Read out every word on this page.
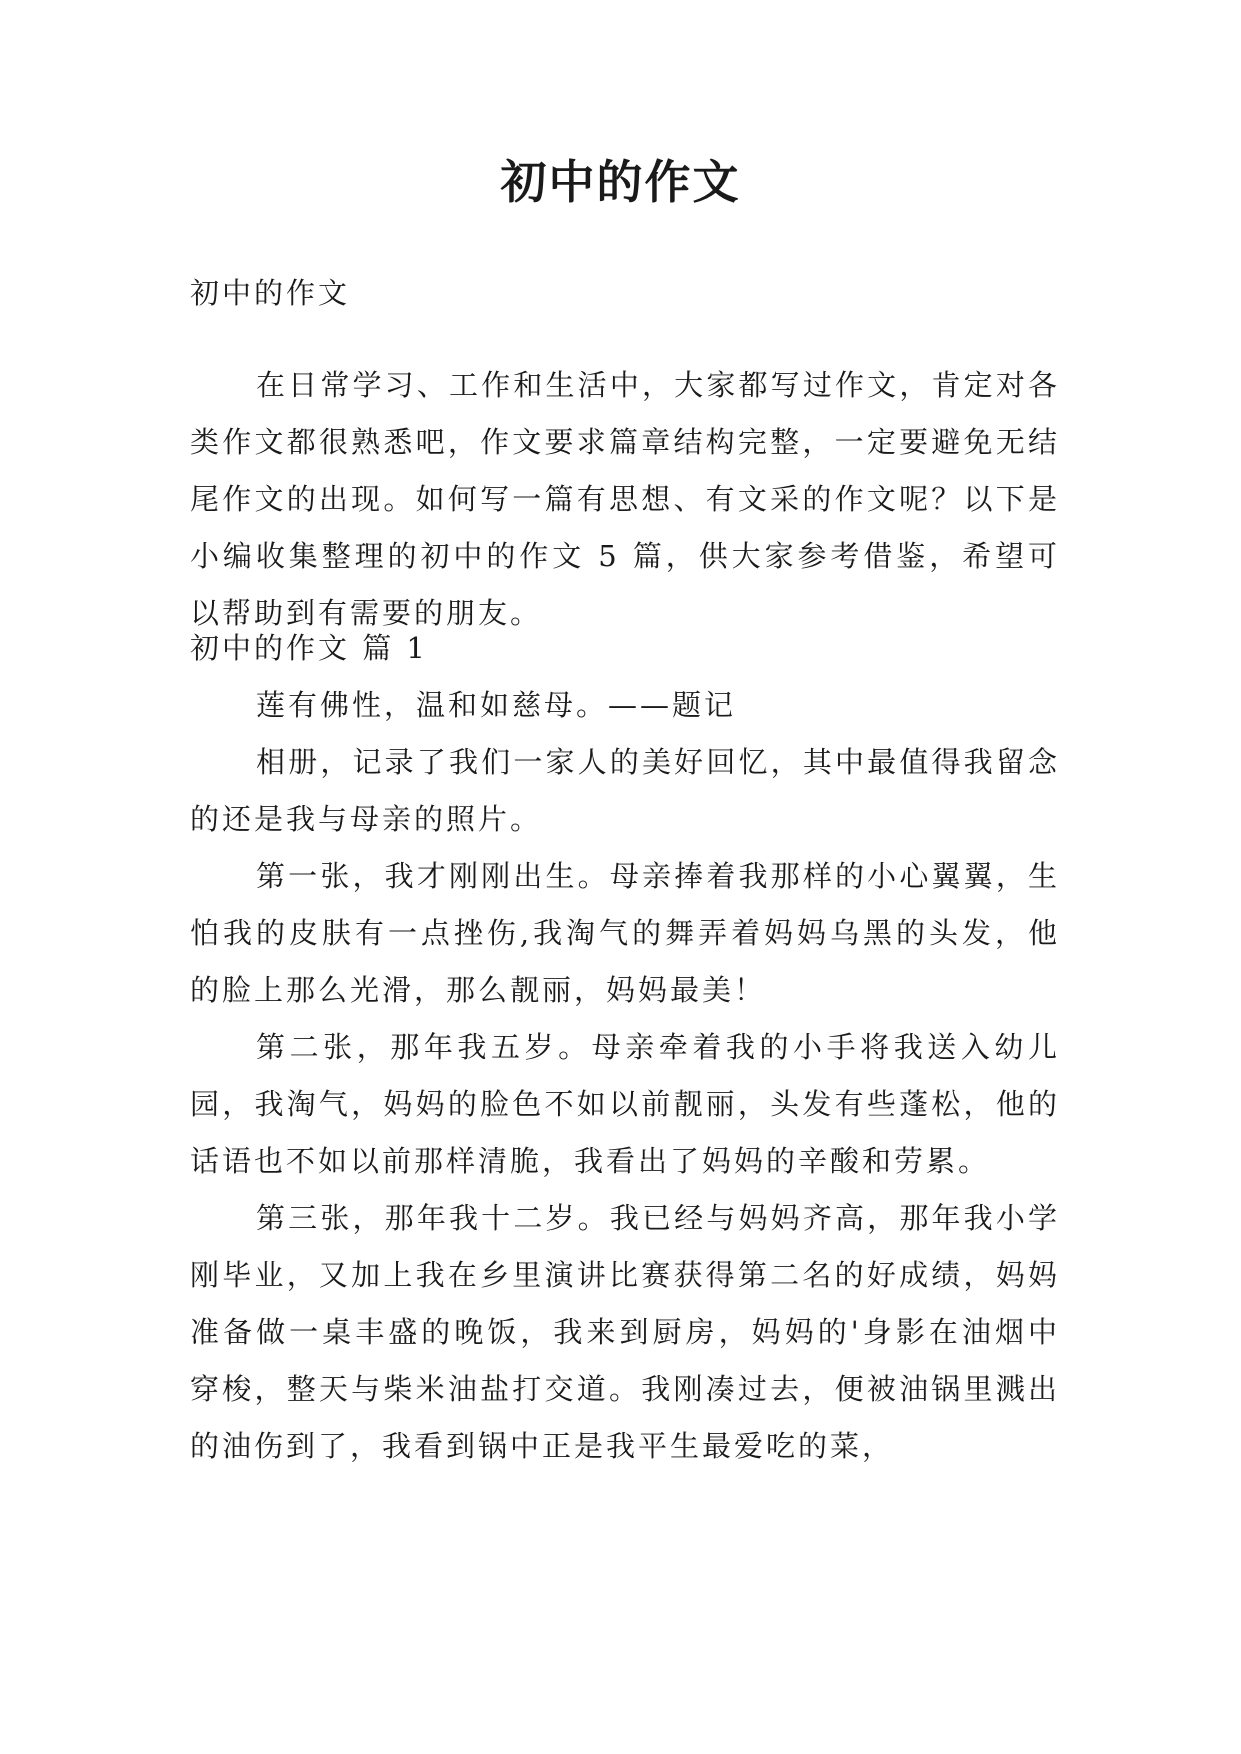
初中的作文

初中的作文

在日常学习、工作和生活中，大家都写过作文，肯定对各类作文都很熟悉吧，作文要求篇章结构完整，一定要避免无结尾作文的出现。如何写一篇有思想、有文采的作文呢？以下是小编收集整理的初中的作文 5 篇，供大家参考借鉴，希望可以帮助到有需要的朋友。

初中的作文 篇 1

莲有佛性，温和如慈母。——题记

相册，记录了我们一家人的美好回忆，其中最值得我留念的还是我与母亲的照片。

第一张，我才刚刚出生。母亲捧着我那样的小心翼翼，生怕我的皮肤有一点挫伤,我淘气的舞弄着妈妈乌黑的头发，他的脸上那么光滑，那么靓丽，妈妈最美！

第二张，那年我五岁。母亲牵着我的小手将我送入幼儿园，我淘气，妈妈的脸色不如以前靓丽，头发有些蓬松，他的话语也不如以前那样清脆，我看出了妈妈的辛酸和劳累。

第三张，那年我十二岁。我已经与妈妈齐高，那年我小学刚毕业，又加上我在乡里演讲比赛获得第二名的好成绩，妈妈准备做一桌丰盛的晚饭，我来到厨房，妈妈的'身影在油烟中穿梭，整天与柴米油盐打交道。我刚凑过去，便被油锅里溅出的油伤到了，我看到锅中正是我平生最爱吃的菜，
